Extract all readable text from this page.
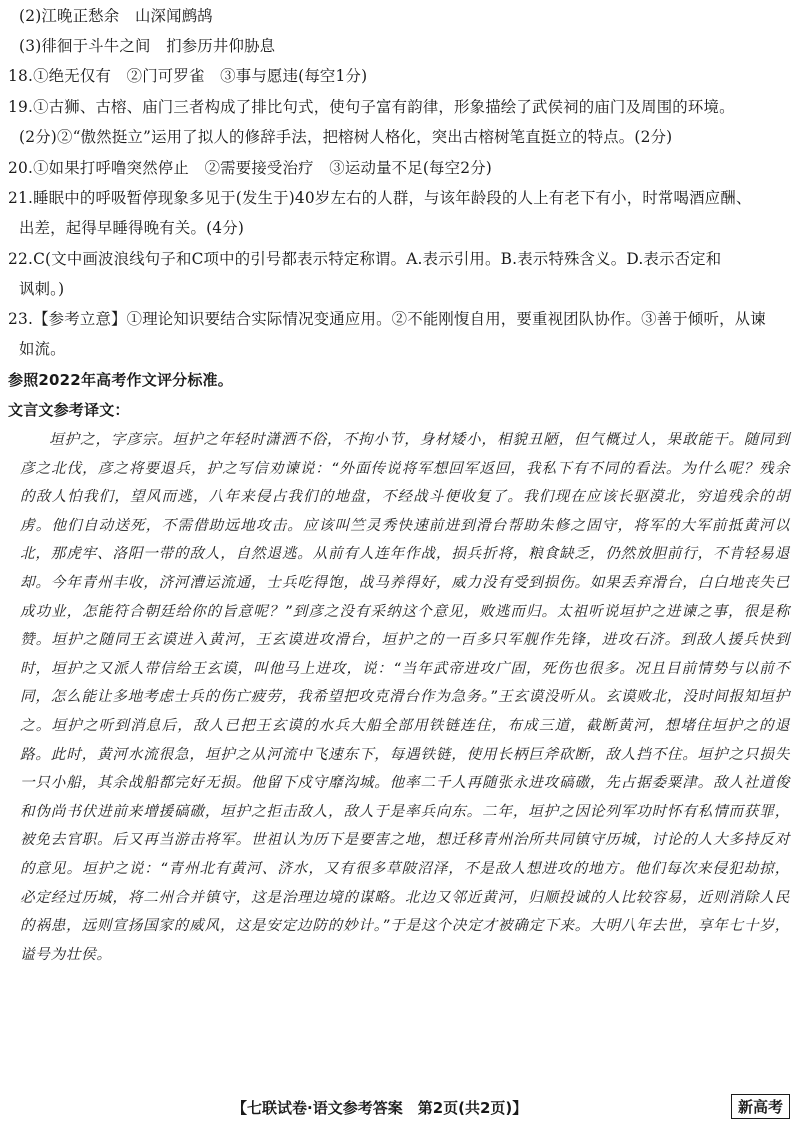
(2)江晚正愁余　山深闻鹧鸪
(3)徘徊于斗牛之间　扪参历井仰胁息
18.①绝无仅有　②门可罗雀　③事与愿违(每空1分)
19.①古狮、古榕、庙门三者构成了排比句式，使句子富有韵律，形象描绘了武侯祠的庙门及周围的环境。
(2分)②“傲然挺立”运用了拟人的修辞手法，把榕树人格化，突出古榕树笔直挺立的特点。(2分)
20.①如果打呼噜突然停止　②需要接受治疗　③运动量不足(每空2分)
21.睡眠中的呼吸暂停现象多见于(发生于)40岁左右的人群，与该年龄段的人上有老下有小，时常喝酒应酬、
出差，起得早睡得晚有关。(4分)
22.C(文中画波浪线句子和C项中的引号都表示特定称谓。A.表示引用。B.表示特殊含义。D.表示否定和
讽刺。)
23.【参考立意】①理论知识要结合实际情况变通应用。②不能刚愎自用，要重视团队协作。③善于倾听，从谏
如流。
参照2022年高考作文评分标准。
文言文参考译文：
垣护之，字彦宗。垣护之年轻时潇洒不俗，不拘小节，身材矮小，相貌丑陋，但气概过人，果敢能干。随同到彦之北伐，彦之将要退兵，护之写信劝谏说：“外面传说将军想回军返回，我私下有不同的看法。为什么呢？残余的敌人怕我们，望风而逃，八年来侵占我们的地盘，不经战斗便收复了。我们现在应该长驱漠北，穷追残余的胡虏。他们自动送死，不需借助远地攻击。应该叫竺灵秀快速前进到滑台帮助朱修之固守，将军的大军前抵黄河以北，那虎牢、洛阳一带的敌人，自然退逃。从前有人连年作战，损兵折将，粮食缺乏，仍然放胆前行，不肯轻易退却。今年青州丰收，济河漕运流通，士兵吃得饱，战马养得好，威力没有受到损伤。如果丢弃滑台，白白地丧失已成功业，怎能符合朝廷给你的旨意呢？”到彦之没有采纳这个意见，败逃而归。太祖听说垣护之进谏之事，很是称赞。垣护之随同王玄谟进入黄河，王玄谟进攻滑台，垣护之的一百多只军舰作先锋，进攻石济。到敌人援兵快到时，垣护之又派人带信给王玄谟，叫他马上进攻，说：“当年武帝进攻广固，死伤也很多。况且目前情势与以前不同，怎么能让多地考虑士兵的伤亡疲劳，我希望把攻克滑台作为急务。”王玄谟没听从。玄谟败北，没时间报知垣护之。垣护之听到消息后，敌人已把王玄谟的水兵大船全部用铁链连住，布成三道，截断黄河，想堵住垣护之的退路。此时，黄河水流很急，垣护之从河流中飞速东下，每遇铁链，使用长柄巨斧砍断，敌人挡不住。垣护之只损失一只小船，其余战船都完好无损。他留下戍守靡沟城。他率二千人再随张永进攻碻磝，先占据委粟津。敌人社道俊和伪尚书伏进前来增援碻磝，垣护之拒击敌人，敌人于是率兵向东。二年，垣护之因论列军功时怀有私情而获罪，被免去官职。后又再当游击将军。世祖认为历下是要害之地，想迁移青州治所共同镇守历城，讨论的人大多持反对的意见。垣护之说：“青州北有黄河、济水，又有很多草陂沼泽，不是敌人想进攻的地方。他们每次来侵犯劫掠，必定经过历城，将二州合并镇守，这是治理边境的谋略。北边又邻近黄河，归顺投诚的人比较容易，近则消除人民的祸患，远则宣扬国家的威风，这是安定边防的妙计。”于是这个决定才被确定下来。大明八年去世，享年七十岁，谥号为壮侯。
【七联试卷·语文参考答案　第2页(共2页)】	新高考
